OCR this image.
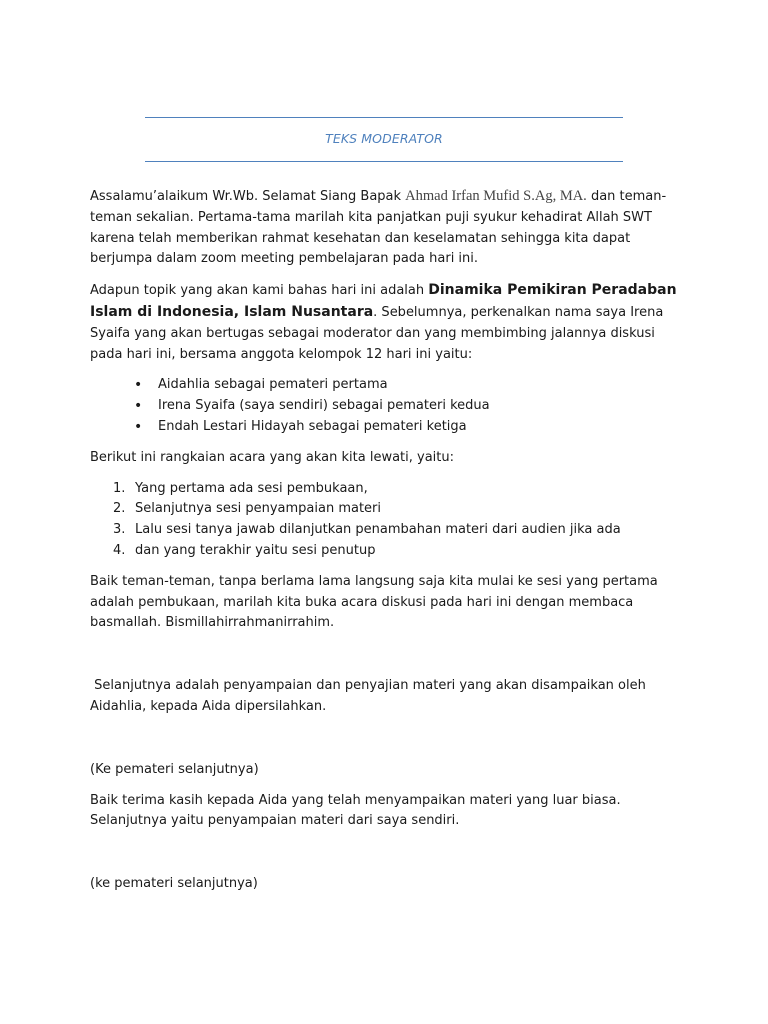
TEKS MODERATOR

Assalamu’alaikum Wr.Wb. Selamat Siang Bapak Ahmad Irfan Mufid S.Ag, MA. dan teman-teman sekalian. Pertama-tama marilah kita panjatkan puji syukur kehadirat Allah SWT karena telah memberikan rahmat kesehatan dan keselamatan sehingga kita dapat berjumpa dalam zoom meeting pembelajaran pada hari ini.

Adapun topik yang akan kami bahas hari ini adalah Dinamika Pemikiran Peradaban Islam di Indonesia, Islam Nusantara. Sebelumnya, perkenalkan nama saya Irena Syaifa yang akan bertugas sebagai moderator dan yang membimbing jalannya diskusi pada hari ini, bersama anggota kelompok 12 hari ini yaitu:

• Aidahlia sebagai pemateri pertama
• Irena Syaifa (saya sendiri) sebagai pemateri kedua
• Endah Lestari Hidayah sebagai pemateri ketiga

Berikut ini rangkaian acara yang akan kita lewati, yaitu:

1. Yang pertama ada sesi pembukaan,
2. Selanjutnya sesi penyampaian materi
3. Lalu sesi tanya jawab dilanjutkan penambahan materi dari audien jika ada
4. dan yang terakhir yaitu sesi penutup

Baik teman-teman, tanpa berlama lama langsung saja kita mulai ke sesi yang pertama adalah pembukaan, marilah kita buka acara diskusi pada hari ini dengan membaca basmallah. Bismillahirrahmanirrahim.

Selanjutnya adalah penyampaian dan penyajian materi yang akan disampaikan oleh Aidahlia, kepada Aida dipersilahkan.

(Ke pemateri selanjutnya)

Baik terima kasih kepada Aida yang telah menyampaikan materi yang luar biasa. Selanjutnya yaitu penyampaian materi dari saya sendiri.

(ke pemateri selanjutnya)
